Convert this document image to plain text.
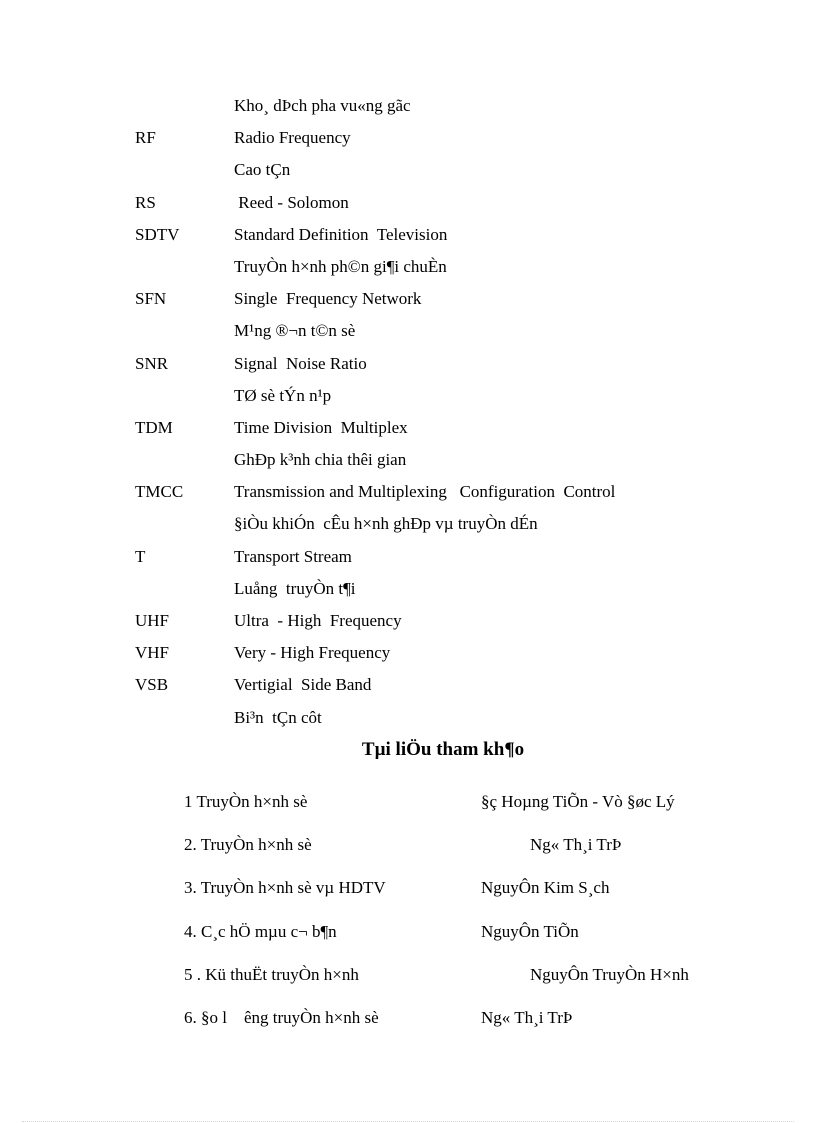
Kho¸ dÞch pha vu«ng gãc
RF	Radio Frequency
Cao tÇn
RS	Reed - Solomon
SDTV	Standard Definition  Television
TruyÒn h×nh ph©n gi¶i chuÈn
SFN	Single  Frequency Network
M¹ng ®¬n t©n sè
SNR	Signal  Noise Ratio
TØ sè tÝn n¹p
TDM	Time Division  Multiplex
GhÐp k³nh chia thêi gian
TMCC	Transmission and Multiplexing   Configuration  Control
§iÒu khiÓn  cÊu h×nh ghÐp vµ truyÒn dÉn
T	Transport Stream
Luång  truyÒn t¶i
UHF	Ultra  - High  Frequency
VHF	Very - High Frequency
VSB	Vertigial  Side Band
Bi³n  tÇn côt
Tµi liÖu tham kh¶o
1 TruyÒn h×nh sè	§ç Hoµng TiÕn - Vò §øc Lý
2. TruyÒn h×nh sè	Ng« Th¸i TrÞ
3. TruyÒn h×nh sè vµ HDTV	NguyÔn Kim S¸ch
4. C¸c hÖ mµu c¬ b¶n	NguyÔn TiÕn
5 . Kü thuËt truyÒn h×nh	NguyÔn TruyÒn H×nh
6. §o l    êng truyÒn h×nh sè	Ng« Th¸i TrÞ
